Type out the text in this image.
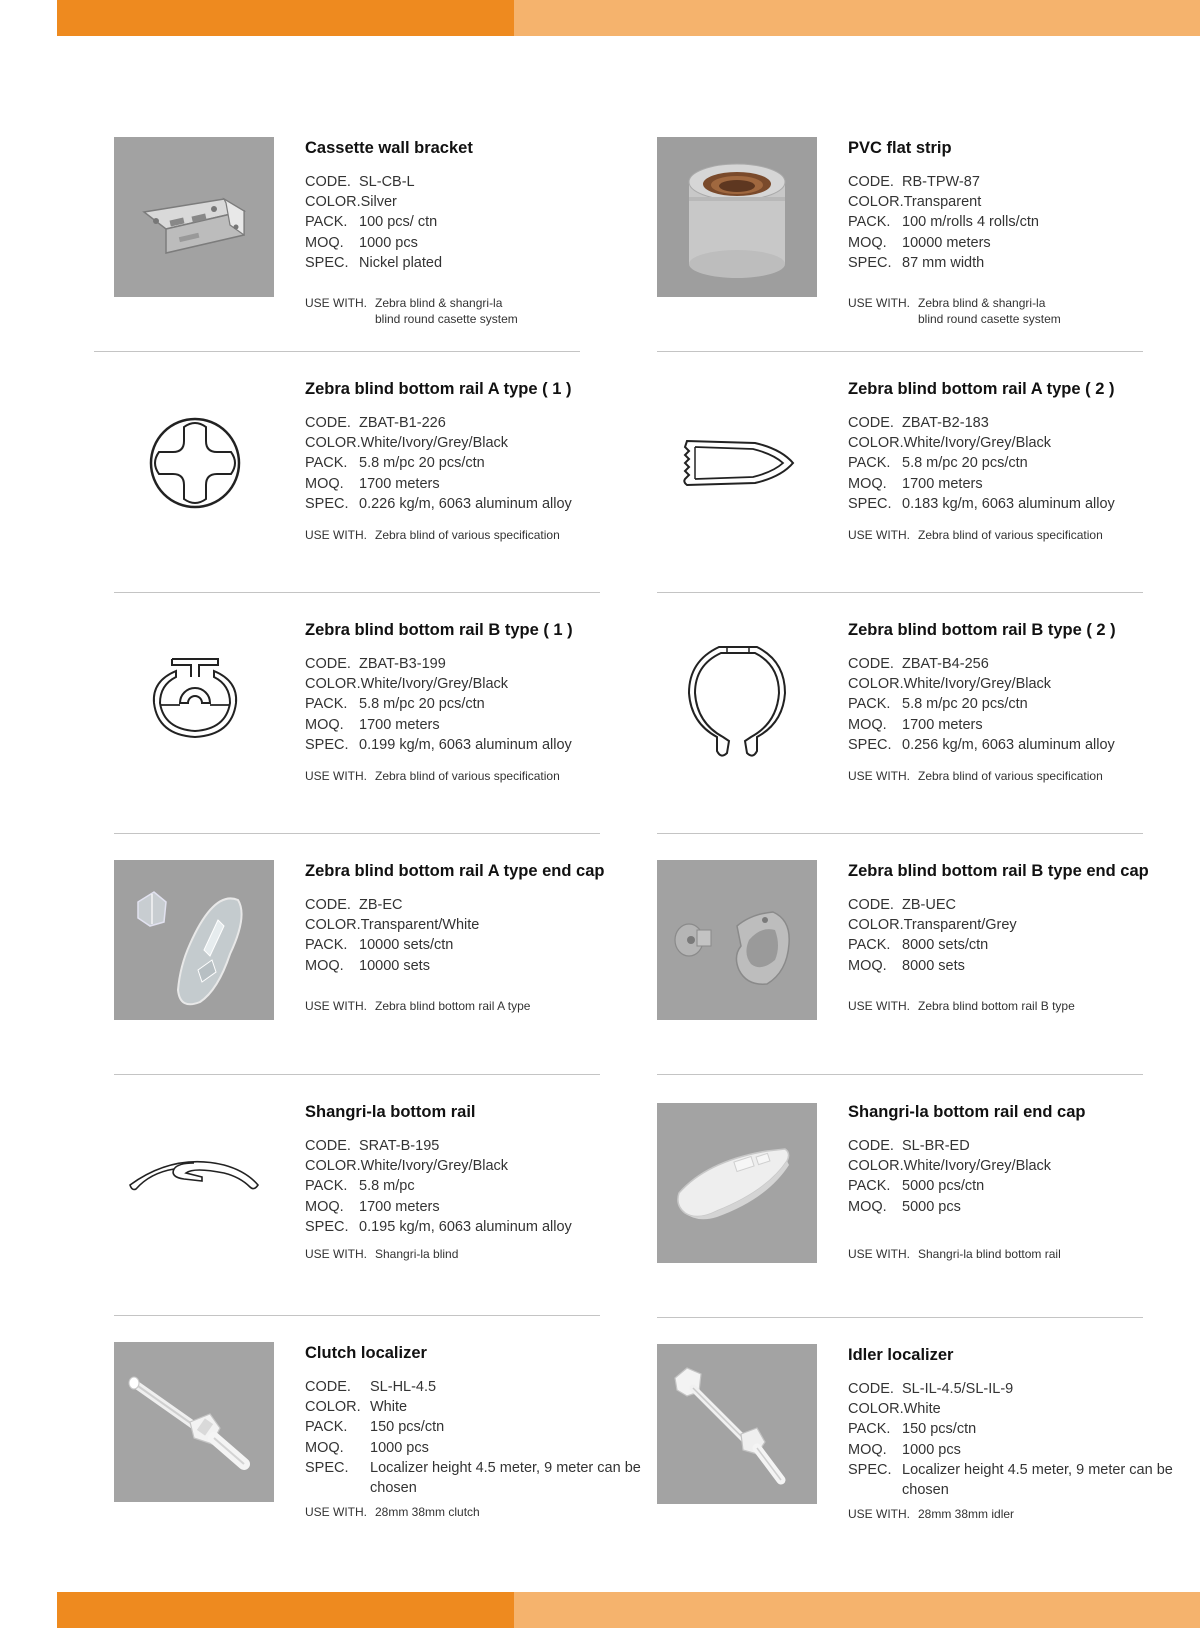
Cassette wall bracket
CODE. SL-CB-L
COLOR. Silver
PACK. 100 pcs/ ctn
MOQ.	1000 pcs
SPEC. Nickel plated
USE WITH. Zebra blind & shangri-la
blind round casette system
PVC flat strip
CODE. RB-TPW-87
COLOR. Transparent
PACK. 100 m/rolls 4 rolls/ctn
MOQ.	10000 meters
SPEC. 87 mm width
USE WITH. Zebra blind & shangri-la
blind round casette system
Zebra blind bottom rail A type ( 1 )
CODE. ZBAT-B1-226
COLOR. White/Ivory/Grey/Black
PACK. 5.8 m/pc 20 pcs/ctn
MOQ.	1700 meters
SPEC. 0.226 kg/m, 6063 aluminum alloy
USE WITH. Zebra blind of various specification
Zebra blind bottom rail A type ( 2 )
CODE. ZBAT-B2-183
COLOR. White/Ivory/Grey/Black
PACK. 5.8 m/pc 20 pcs/ctn
MOQ.	1700 meters
SPEC. 0.183 kg/m, 6063 aluminum alloy
USE WITH. Zebra blind of various specification
Zebra blind bottom rail B type ( 1 )
CODE. ZBAT-B3-199
COLOR. White/Ivory/Grey/Black
PACK. 5.8 m/pc 20 pcs/ctn
MOQ.	1700 meters
SPEC. 0.199 kg/m, 6063 aluminum alloy
USE WITH. Zebra blind of various specification
Zebra blind bottom rail B type ( 2 )
CODE. ZBAT-B4-256
COLOR. White/Ivory/Grey/Black
PACK. 5.8 m/pc 20 pcs/ctn
MOQ.	1700 meters
SPEC. 0.256 kg/m, 6063 aluminum alloy
USE WITH. Zebra blind of various specification
Zebra blind bottom rail A type end cap
CODE. ZB-EC
COLOR. Transparent/White
PACK. 10000 sets/ctn
MOQ.	10000 sets
USE WITH. Zebra blind bottom rail A type
Zebra blind bottom rail B type end cap
CODE. ZB-UEC
COLOR. Transparent/Grey
PACK. 8000 sets/ctn
MOQ.	8000 sets
USE WITH. Zebra blind bottom rail B type
Shangri-la bottom rail
CODE. SRAT-B-195
COLOR. White/Ivory/Grey/Black
PACK. 5.8 m/pc
MOQ.	1700 meters
SPEC. 0.195 kg/m, 6063 aluminum alloy
USE WITH. Shangri-la blind
Shangri-la bottom rail end cap
CODE. SL-BR-ED
COLOR. White/Ivory/Grey/Black
PACK. 5000 pcs/ctn
MOQ.	5000 pcs
USE WITH. Shangri-la blind bottom rail
Clutch localizer
CODE.	SL-HL-4.5
COLOR. White
PACK.	150 pcs/ctn
MOQ.	1000 pcs
SPEC.	Localizer height 4.5 meter, 9 meter can be chosen
USE WITH. 28mm 38mm clutch
Idler localizer
CODE. SL-IL-4.5/SL-IL-9
COLOR. White
PACK. 150 pcs/ctn
MOQ.	1000 pcs
SPEC. Localizer height 4.5 meter, 9 meter can be chosen
USE WITH. 28mm 38mm idler
